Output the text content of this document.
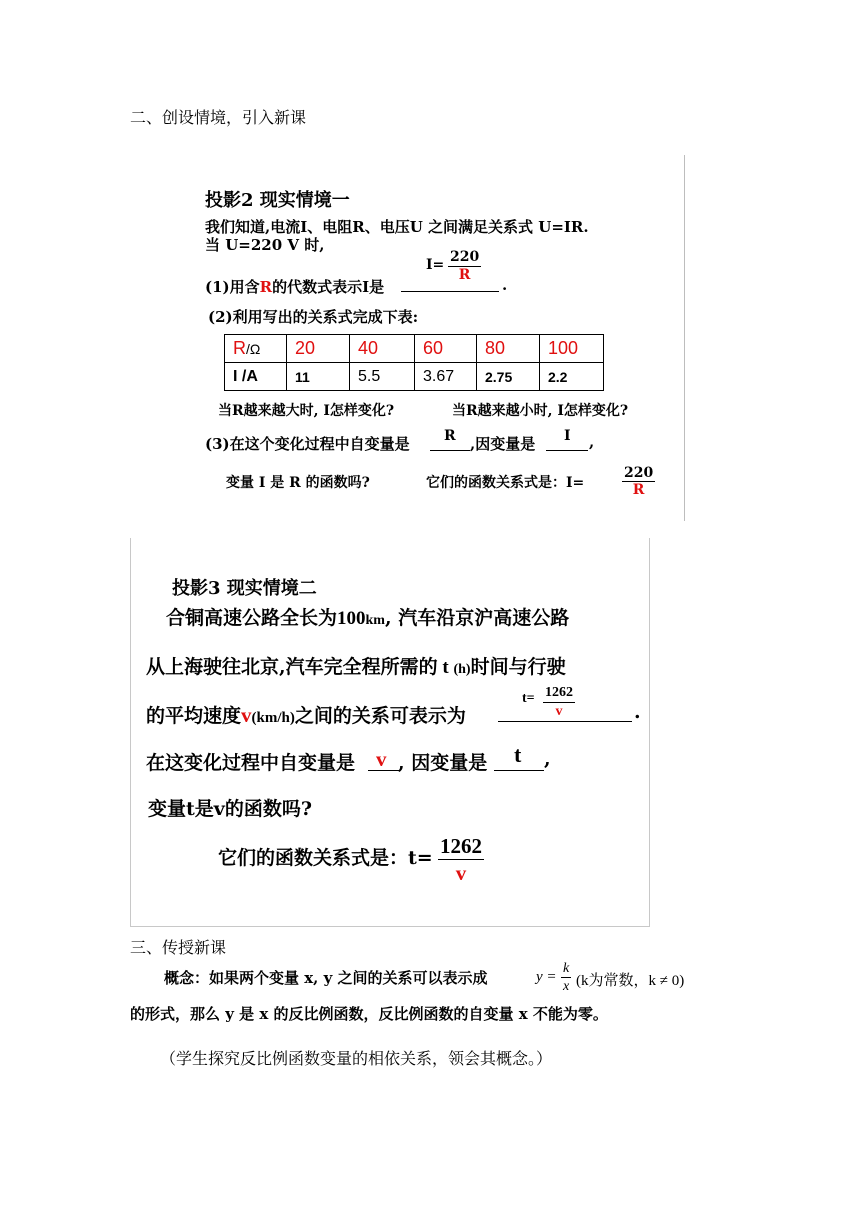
二、创设情境，引入新课
投影2 现实情境一
我们知道,电流I、电阻R、电压U 之间满足关系式 U=IR.
当 U=220 V 时,
$I= \frac{220}{R}$
(1)用含R的代数式表示I是	.
(2)利用写出的关系式完成下表:
R/Ω	20	40	60	80	100
I /A	11	5.5	3.67	2.75	2.2
当R越来越大时, I怎样变化?	当R越来越小时, I怎样变化?
(3)在这个变化过程中自变量是 R ,因变量是 I ,
变量 I 是 R 的函数吗?	它们的函数关系式是：I=	$\frac{220}{R}$
投影3 现实情境二
合铜高速公路全长为100km, 汽车沿京沪高速公路
从上海驶往北京,汽车完全程所需的 t (h)时间与行驶
$t= \frac{1262}{v}$
的平均速度v(km/h)之间的关系可表示为	.
在这变化过程中自变量是 v , 因变量是 t ,
变量t是v的函数吗?
它们的函数关系式是：$t= \frac{1262}{v}$
三、传授新课
概念：如果两个变量 x, y 之间的关系可以表示成	$y = \frac{k}{x} (k$为常数，k ≠ 0)
的形式，那么 y 是 x 的反比例函数，反比例函数的自变量 x 不能为零。
（学生探究反比例函数变量的相依关系，领会其概念。）
